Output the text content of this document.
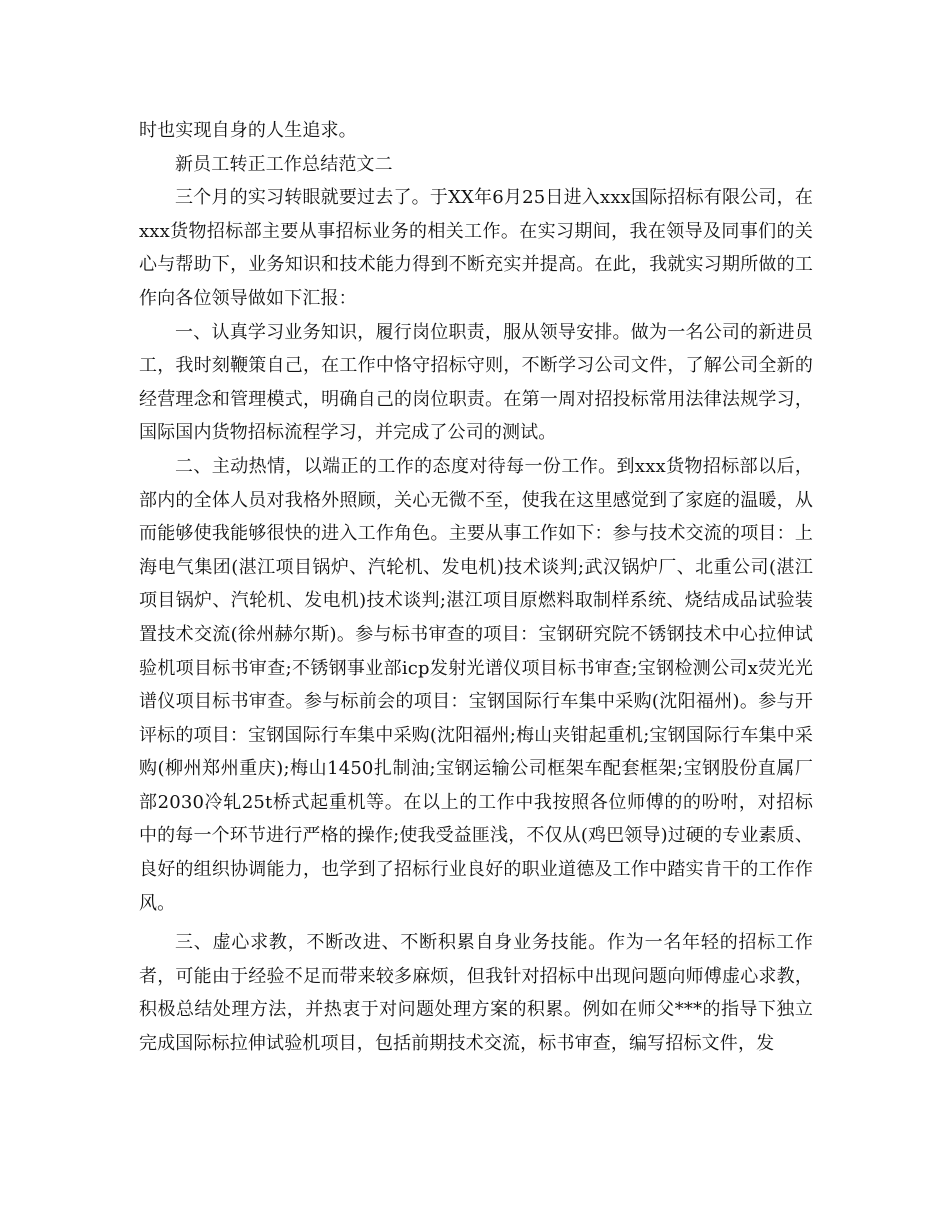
时也实现自身的人生追求。

新员工转正工作总结范文二

三个月的实习转眼就要过去了。于XX年6月25日进入xxx国际招标有限公司，在xxx货物招标部主要从事招标业务的相关工作。在实习期间，我在领导及同事们的关心与帮助下，业务知识和技术能力得到不断充实并提高。在此，我就实习期所做的工作向各位领导做如下汇报：

一、认真学习业务知识，履行岗位职责，服从领导安排。做为一名公司的新进员工，我时刻鞭策自己，在工作中恪守招标守则，不断学习公司文件，了解公司全新的经营理念和管理模式，明确自己的岗位职责。在第一周对招投标常用法律法规学习，国际国内货物招标流程学习，并完成了公司的测试。

二、主动热情，以端正的工作的态度对待每一份工作。到xxx货物招标部以后，部内的全体人员对我格外照顾，关心无微不至，使我在这里感觉到了家庭的温暖，从而能够使我能够很快的进入工作角色。主要从事工作如下：参与技术交流的项目：上海电气集团(湛江项目锅炉、汽轮机、发电机)技术谈判;武汉锅炉厂、北重公司(湛江项目锅炉、汽轮机、发电机)技术谈判;湛江项目原燃料取制样系统、烧结成品试验装置技术交流(徐州赫尔斯)。参与标书审查的项目：宝钢研究院不锈钢技术中心拉伸试验机项目标书审查;不锈钢事业部icp发射光谱仪项目标书审查;宝钢检测公司x荧光光谱仪项目标书审查。参与标前会的项目：宝钢国际行车集中采购(沈阳福州)。参与开评标的项目：宝钢国际行车集中采购(沈阳福州;梅山夹钳起重机;宝钢国际行车集中采购(柳州郑州重庆);梅山1450扎制油;宝钢运输公司框架车配套框架;宝钢股份直属厂部2030冷轧25t桥式起重机等。在以上的工作中我按照各位师傅的的吩咐，对招标中的每一个环节进行严格的操作;使我受益匪浅，不仅从(鸡巴领导)过硬的专业素质、良好的组织协调能力，也学到了招标行业良好的职业道德及工作中踏实肯干的工作作风。

三、虚心求教，不断改进、不断积累自身业务技能。作为一名年轻的招标工作者，可能由于经验不足而带来较多麻烦，但我针对招标中出现问题向师傅虚心求教，积极总结处理方法，并热衷于对问题处理方案的积累。例如在师父***的指导下独立完成国际标拉伸试验机项目，包括前期技术交流，标书审查，编写招标文件，发
